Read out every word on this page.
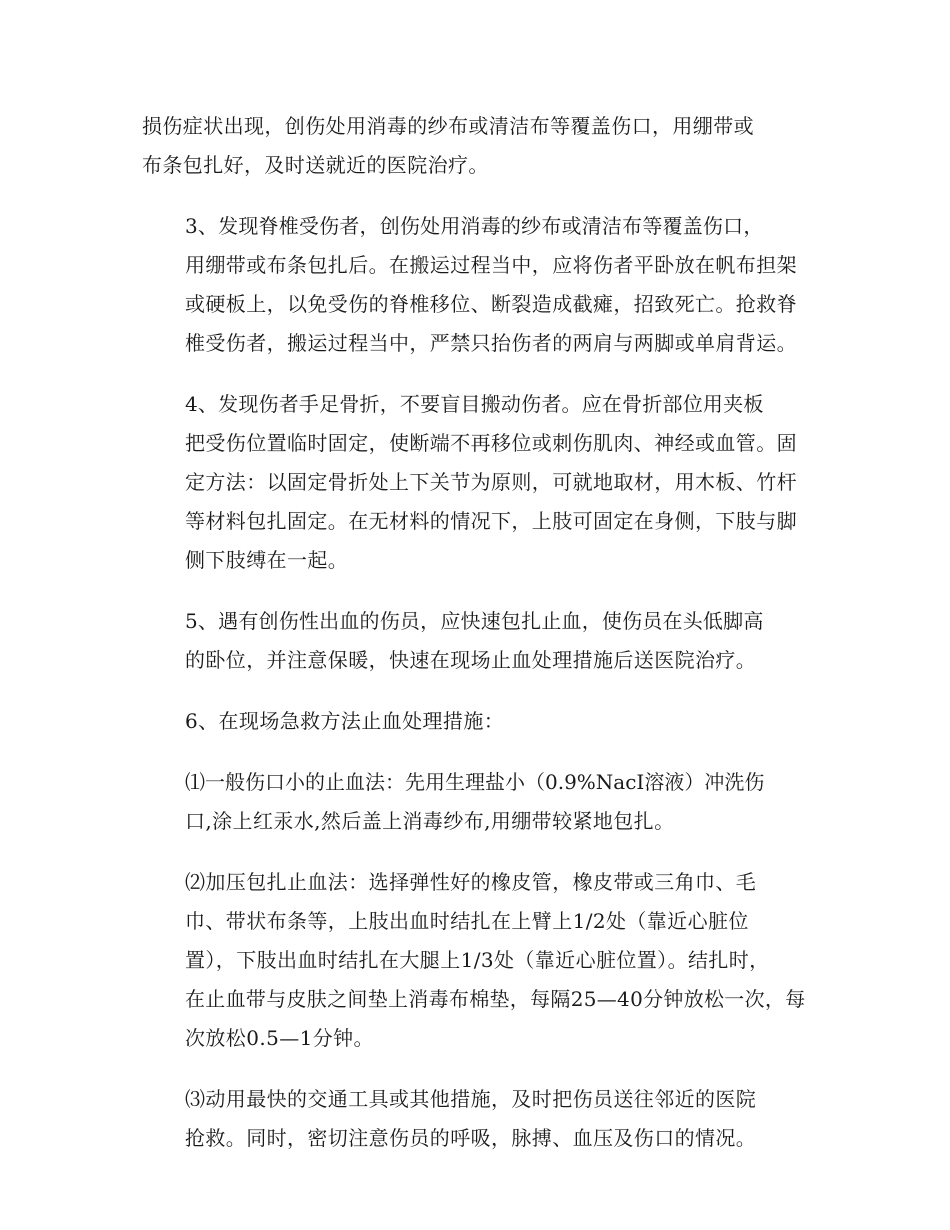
损伤症状出现，创伤处用消毒的纱布或清洁布等覆盖伤口，用绷带或
布条包扎好，及时送就近的医院治疗。

3、发现脊椎受伤者，创伤处用消毒的纱布或清洁布等覆盖伤口，
用绷带或布条包扎后。在搬运过程当中，应将伤者平卧放在帆布担架
或硬板上，以免受伤的脊椎移位、断裂造成截瘫，招致死亡。抢救脊
椎受伤者，搬运过程当中，严禁只抬伤者的两肩与两脚或单肩背运。

4、发现伤者手足骨折，不要盲目搬动伤者。应在骨折部位用夹板
把受伤位置临时固定，使断端不再移位或刺伤肌肉、神经或血管。固
定方法：以固定骨折处上下关节为原则，可就地取材，用木板、竹杆
等材料包扎固定。在无材料的情况下，上肢可固定在身侧，下肢与脚
侧下肢缚在一起。

5、遇有创伤性出血的伤员，应快速包扎止血，使伤员在头低脚高
的卧位，并注意保暖，快速在现场止血处理措施后送医院治疗。

6、在现场急救方法止血处理措施：

⑴一般伤口小的止血法：先用生理盐小（0.9%NacI溶液）冲洗伤
口,涂上红汞水,然后盖上消毒纱布,用绷带较紧地包扎。

⑵加压包扎止血法：选择弹性好的橡皮管，橡皮带或三角巾、毛
巾、带状布条等，上肢出血时结扎在上臂上1/2处（靠近心脏位
置），下肢出血时结扎在大腿上1/3处（靠近心脏位置）。结扎时，
在止血带与皮肤之间垫上消毒布棉垫，每隔25—40分钟放松一次，每
次放松0.5—1分钟。

⑶动用最快的交通工具或其他措施，及时把伤员送往邻近的医院
抢救。同时，密切注意伤员的呼吸，脉搏、血压及伤口的情况。
